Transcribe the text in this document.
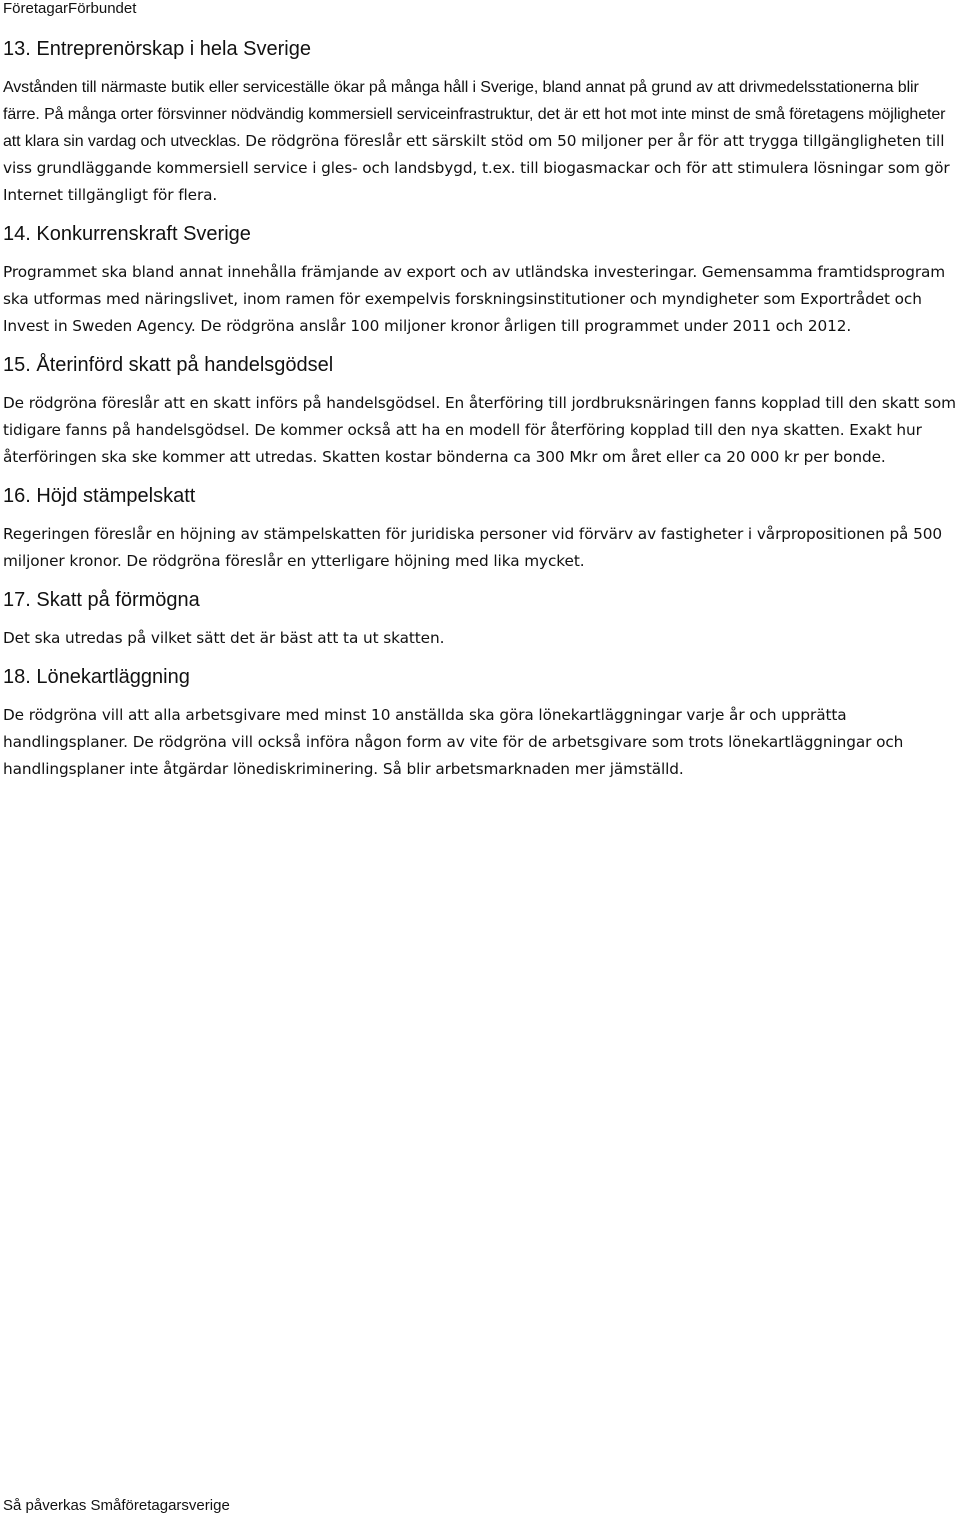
FöretagarFörbundet
13. Entreprenörskap i hela Sverige

Avstånden till närmaste butik eller serviceställe ökar på många håll i Sverige, bland annat på grund av att drivmedelsstationerna blir färre. På många orter försvinner nödvändig kommersiell serviceinfrastruktur, det är ett hot mot inte minst de små företagens möjligheter att klara sin vardag och utvecklas. De rödgröna föreslår ett särskilt stöd om 50 miljoner per år för att trygga tillgängligheten till viss grundläggande kommersiell service i gles- och landsbygd, t.ex. till biogasmackar och för att stimulera lösningar som gör Internet tillgängligt för flera.

14. Konkurrenskraft Sverige

Programmet ska bland annat innehålla främjande av export och av utländska investeringar. Gemensamma framtidsprogram ska utformas med näringslivet, inom ramen för exempelvis forskningsinstitutioner och myndigheter som Exportrådet och Invest in Sweden Agency. De rödgröna anslår 100 miljoner kronor årligen till programmet under 2011 och 2012.

15. Återinförd skatt på handelsgödsel

De rödgröna föreslår att en skatt införs på handelsgödsel. En återföring till jordbruksnäringen fanns kopplad till den skatt som tidigare fanns på handelsgödsel. De kommer också att ha en modell för återföring kopplad till den nya skatten. Exakt hur återföringen ska ske kommer att utredas. Skatten kostar bönderna ca 300 Mkr om året eller ca 20 000 kr per bonde.

16. Höjd stämpelskatt

Regeringen föreslår en höjning av stämpelskatten för juridiska personer vid förvärv av fastigheter i vårpropositionen på 500 miljoner kronor. De rödgröna föreslår en ytterligare höjning med lika mycket.

17. Skatt på förmögna

Det ska utredas på vilket sätt det är bäst att ta ut skatten.

18. Lönekartläggning

De rödgröna vill att alla arbetsgivare med minst 10 anställda ska göra lönekartläggningar varje år och upprätta handlingsplaner. De rödgröna vill också införa någon form av vite för de arbetsgivare som trots lönekartläggningar och handlingsplaner inte åtgärdar lönediskriminering. Så blir arbetsmarknaden mer jämställd.

Så påverkas Småföretagarsverige
